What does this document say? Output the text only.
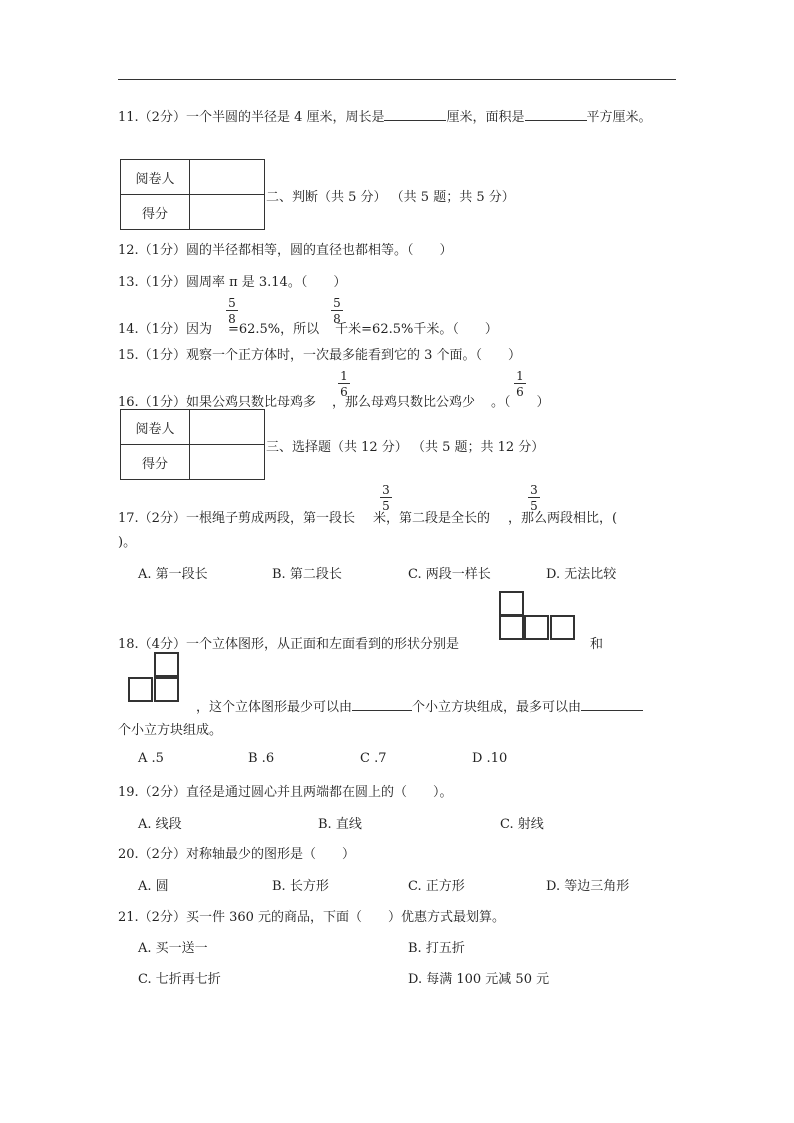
11.（2分）一个半圆的半径是 4 厘米，周长是	厘米，面积是	平方厘米。
阅卷人	
得分	
二、判断（共 5 分） （共 5 题；共 5 分）
12.（1分）圆的半径都相等，圆的直径也都相等。（　　）
13.（1分）圆周率 π 是 3.14。（　　）
14.（1分）因为 =62.5%，所以 千米=62.5%千米。（　　）
5
8
5
8
15.（1分）观察一个正方体时，一次最多能看到它的 3 个面。（　　）
16.（1分）如果公鸡只数比母鸡多 ，那么母鸡只数比公鸡少 。（　　）
1
6
1
6
阅卷人	
得分	
三、选择题（共 12 分） （共 5 题；共 12 分）
17.（2分）一根绳子剪成两段，第一段长 米，第二段是全长的 ，那么两段相比，(
3
5
3
5
)。
A. 第一段长	B. 第二段长	C. 两段一样长	D. 无法比较
18.（4分）一个立体图形，从正面和左面看到的形状分别是	和
，这个立体图形最少可以由	个小立方块组成，最多可以由
个小立方块组成。
A .5	B .6	C .7	D .10
19.（2分）直径是通过圆心并且两端都在圆上的（　　）。
A. 线段	B. 直线	C. 射线
20.（2分）对称轴最少的图形是（　　）
A. 圆	B. 长方形	C. 正方形	D. 等边三角形
21.（2分）买一件 360 元的商品，下面（　　）优惠方式最划算。
A. 买一送一	B. 打五折
C. 七折再七折	D. 每满 100 元减 50 元
